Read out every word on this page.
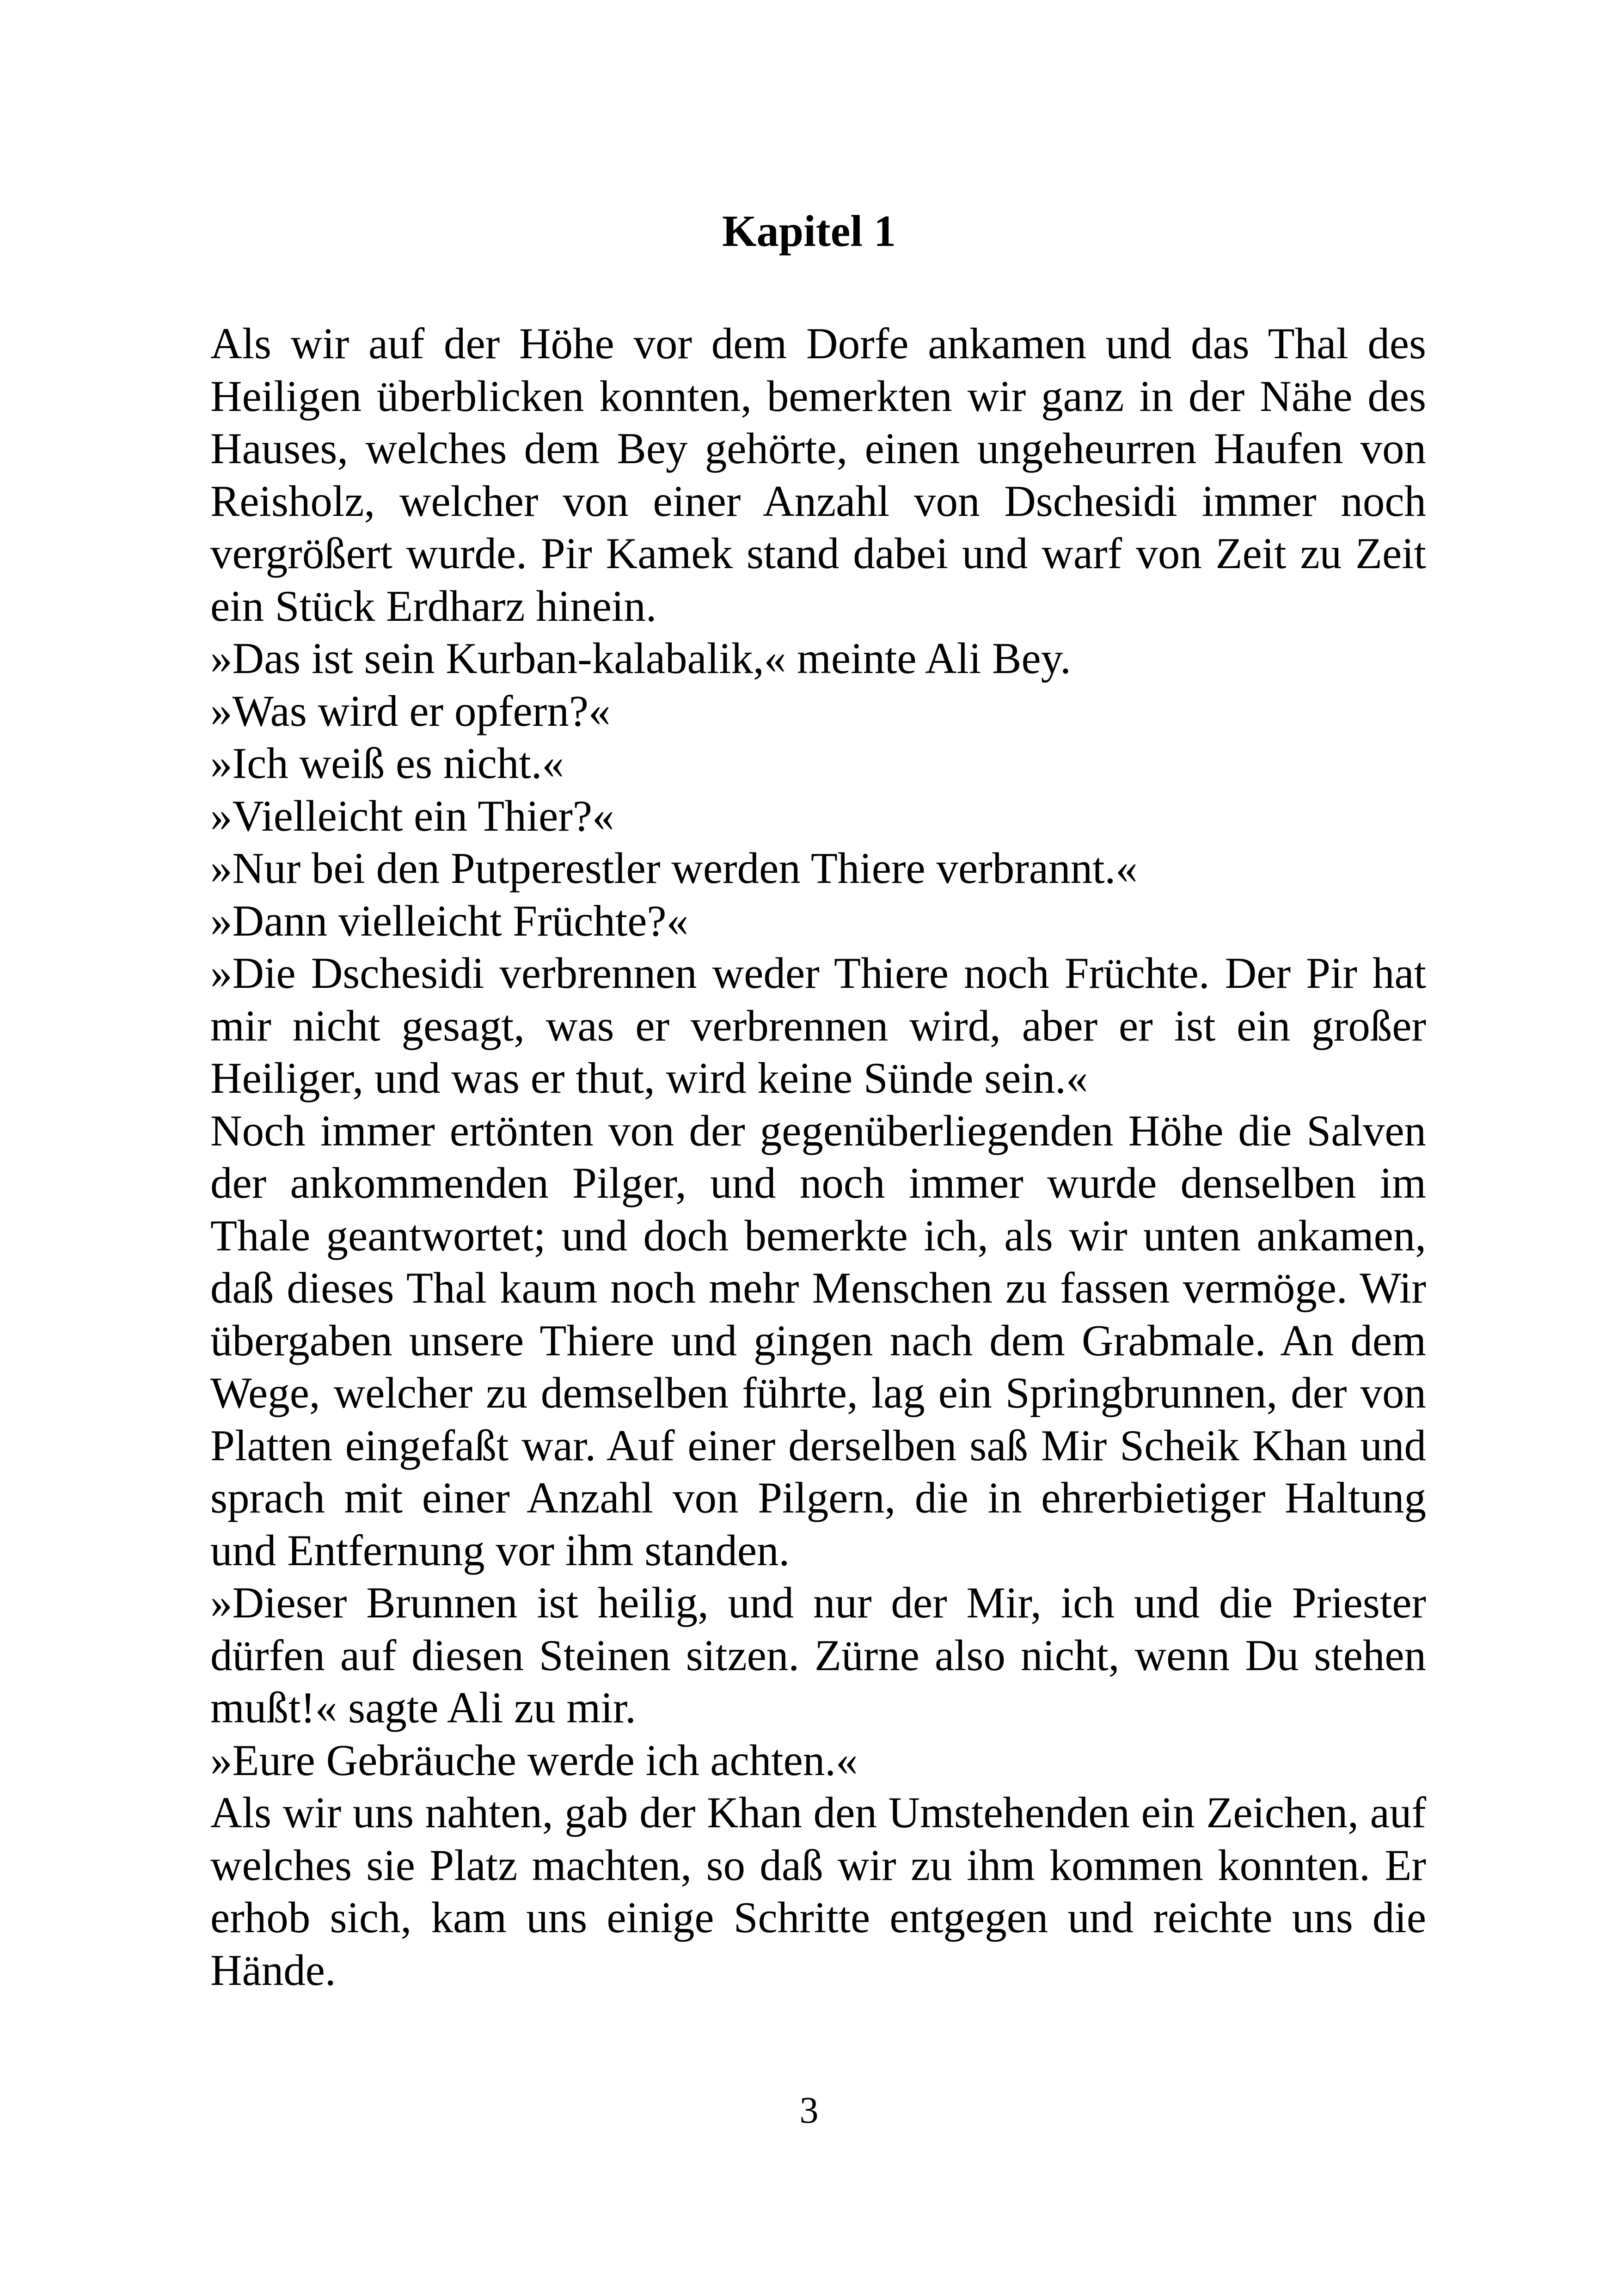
Kapitel 1

Als wir auf der Höhe vor dem Dorfe ankamen und das Thal des Heiligen überblicken konnten, bemerkten wir ganz in der Nähe des Hauses, welches dem Bey gehörte, einen ungeheurren Haufen von Reisholz, welcher von einer Anzahl von Dschesidi immer noch vergrößert wurde. Pir Kamek stand dabei und warf von Zeit zu Zeit ein Stück Erdharz hinein.

»Das ist sein Kurban-kalabalik,« meinte Ali Bey.

»Was wird er opfern?«

»Ich weiß es nicht.«

»Vielleicht ein Thier?«

»Nur bei den Putperestler werden Thiere verbrannt.«

»Dann vielleicht Früchte?«

»Die Dschesidi verbrennen weder Thiere noch Früchte. Der Pir hat mir nicht gesagt, was er verbrennen wird, aber er ist ein großer Heiliger, und was er thut, wird keine Sünde sein.«

Noch immer ertönten von der gegenüberliegenden Höhe die Salven der ankommenden Pilger, und noch immer wurde denselben im Thale geantwortet; und doch bemerkte ich, als wir unten ankamen, daß dieses Thal kaum noch mehr Menschen zu fassen vermöge. Wir übergaben unsere Thiere und gingen nach dem Grabmale. An dem Wege, welcher zu demselben führte, lag ein Springbrunnen, der von Platten eingefaßt war. Auf einer derselben saß Mir Scheik Khan und sprach mit einer Anzahl von Pilgern, die in ehrerbietiger Haltung und Entfernung vor ihm standen.

»Dieser Brunnen ist heilig, und nur der Mir, ich und die Priester dürfen auf diesen Steinen sitzen. Zürne also nicht, wenn Du stehen mußt!« sagte Ali zu mir.

»Eure Gebräuche werde ich achten.«

Als wir uns nahten, gab der Khan den Umstehenden ein Zeichen, auf welches sie Platz machten, so daß wir zu ihm kommen konnten. Er erhob sich, kam uns einige Schritte entgegen und reichte uns die Hände.

3
